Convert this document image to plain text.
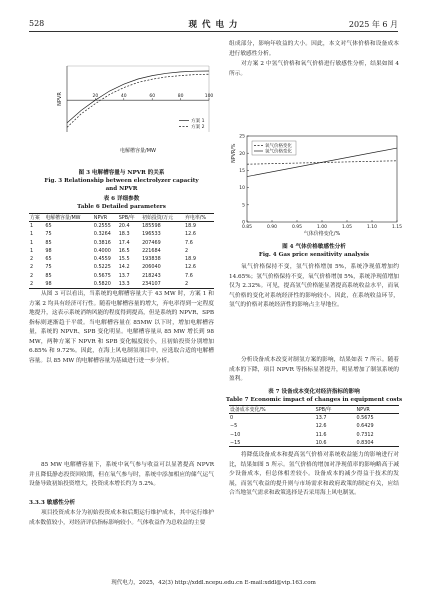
528	现 代 电 力	2025 年 6 月
20	40	60	80	100
NPVR
方案 1
方案 2
电解槽容量/MW
图 3 电解槽容量与 NPVR 的关系
Fig. 3 Relationship between electrolyzer capacity
and NPVR
表 6 详细参数
Table 6 Detailed parameters
方案	电解槽容量/MW	NPVR	SPB/年	初始投资/万元	弃电率/%
1	65	0.2555	20.4	185598	18.9
1	75	0.3264	18.3	196533	12.6
1	85	0.3816	17.4	207469	7.6
1	98	0.4000	16.5	221684	2
2	65	0.4559	15.5	193838	18.9
2	75	0.5225	14.2	206040	12.6
2	85	0.5675	13.7	218243	7.6
2	98	0.5820	13.3	234107	2
从图 3 可以看出，当系统的电解槽容量大于 43 MW 时，方案 1 和方案 2 均具有经济可行性。随着电解槽容量的增大，弃电率得到一定程度地提升，这表示系统消纳风能的程度得到提高，但是系统的 NPVR、SPB 指标则逐渐趋于平缓。当电解槽容量在 85MW 以下时，增加电解槽容量，系统的 NPVR、SPB 变化明显。电解槽容量从 85 MW 增长到 98 MW，两种方案下 NPVR 和 SPB 变化幅度较小，且初始投资分别增加 6.85% 和 9.72%。因此，在海上风电制氢项目中，应选取合适的电解槽容量。以 85 MW 的电解槽容量为基础进行进一步分析。
85 MW 电解槽容量下，系统中氧气参与收益可以显著提高 NPVR 并且降低静态投资回收期，但在氧气参与时，系统中添加相应的储气运气设备导致初始投资增大，投资成本增长约为 5.2%。
3.3.3 敏感性分析
项目投资成本分为初始投资成本和后期运行维护成本，其中运行维护成本数值较小，对经济评估指标影响较小。气体收益作为总收益的主要
组成部分，影响年收益的大小。因此，本文对气体价格和设备成本进行敏感性分析。
对方案 2 中氢气价格和氧气价格进行敏感性分析，结果如图 4 所示。
0
5
10
15
20
25
0.85	0.90	0.95	1.00	1.05	1.10	1.15
NPVR/%
气体价格变化/%
氧气价格变化
氢气价格变化
图 4 气体价格敏感性分析
Fig. 4 Gas price sensitivity analysis
氧气价格保持不变，氢气价格增加 5%，系统净现值增加约 14.65%；氢气价格保持不变，氧气价格增加 5%，系统净现值增加仅为 2.32%。可见，提高氢气价格能显著提高系统收益水平，而氧气价格的变化对系统经济性的影响较小。因此，在系统收益环节，氢气的价格对系统经济性的影响占主导地位。
分析设备成本改变对制氢方案的影响，结果如表 7 所示。随着成本的下降，项目 NPVR 等指标显著提升，明显增加了制氢系统的盈利。
表 7 设备成本变化对经济指标的影响
Table 7 Economic impact of changes in equipment costs
设备成本变化/%	SPB/年	NPVR
0	13.7	0.5675
−5	12.6	0.6429
−10	11.6	0.7312
−15	10.6	0.8304
将降低设备成本和提高氢气价格对系统收益能力的影响进行对比，结果如图 5 所示。氢气价格的增加对净现值率的影响略高于减少设备成本，但总体相差较小。设备成本的减少得益于技术的发展，而氢气收益的提升则与市场需求和政府政策的制定有关，应结合当地氢气需求和政策选择是否采用海上风电制氢。
现代电力，2025，42(3) http://xddl.ncepu.edu.cn E-mail:xddl@vip.163.com
